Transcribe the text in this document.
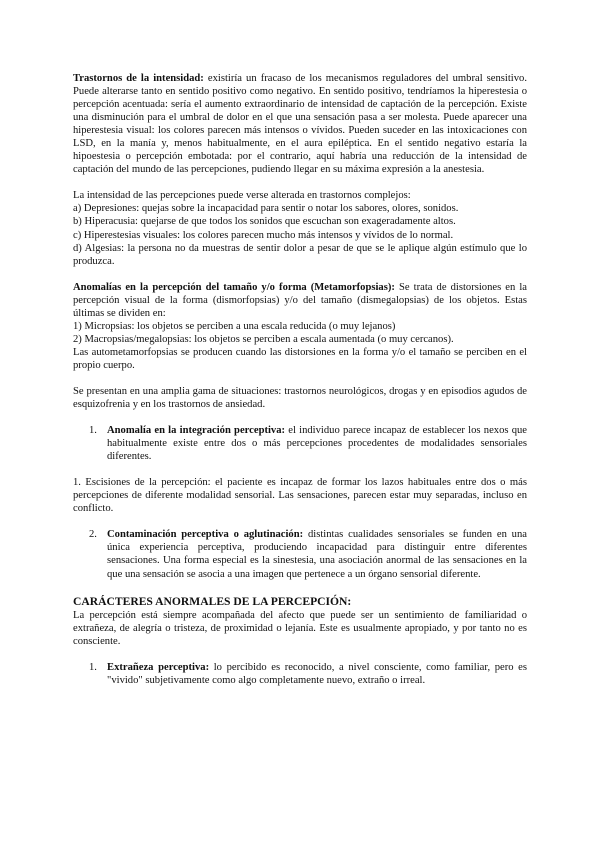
Trastornos de la intensidad: existiría un fracaso de los mecanismos reguladores del umbral sensitivo. Puede alterarse tanto en sentido positivo como negativo. En sentido positivo, tendríamos la hiperestesia o percepción acentuada: sería el aumento extraordinario de intensidad de captación de la percepción. Existe una disminución para el umbral de dolor en el que una sensación pasa a ser molesta. Puede aparecer una hiperestesia visual: los colores parecen más intensos o vívidos. Pueden suceder en las intoxicaciones con LSD, en la manía y, menos habitualmente, en el aura epiléptica. En el sentido negativo estaría la hipoestesia o percepción embotada: por el contrario, aquí habría una reducción de la intensidad de captación del mundo de las percepciones, pudiendo llegar en su máxima expresión a la anestesia.

La intensidad de las percepciones puede verse alterada en trastornos complejos:

a) Depresiones: quejas sobre la incapacidad para sentir o notar los sabores, olores, sonidos.

b) Hiperacusia: quejarse de que todos los sonidos que escuchan son exageradamente altos.

c) Hiperestesias visuales: los colores parecen mucho más intensos y vívidos de lo normal.

d) Algesias: la persona no da muestras de sentir dolor a pesar de que se le aplique algún estímulo que lo produzca.

Anomalías en la percepción del tamaño y/o forma (Metamorfopsias): Se trata de distorsiones en la percepción visual de la forma (dismorfopsias) y/o del tamaño (dismegalopsias) de los objetos. Estas últimas se dividen en:

1) Micropsias: los objetos se perciben a una escala reducida (o muy lejanos)

2) Macropsias/megalopsias: los objetos se perciben a escala aumentada (o muy cercanos).

Las autometamorfopsias se producen cuando las distorsiones en la forma y/o el tamaño se perciben en el propio cuerpo.

Se presentan en una amplia gama de situaciones: trastornos neurológicos, drogas y en episodios agudos de esquizofrenia y en los trastornos de ansiedad.

1. Anomalía en la integración perceptiva: el individuo parece incapaz de establecer los nexos que habitualmente existe entre dos o más percepciones procedentes de modalidades sensoriales diferentes.

1. Escisiones de la percepción: el paciente es incapaz de formar los lazos habituales entre dos o más percepciones de diferente modalidad sensorial. Las sensaciones, parecen estar muy separadas, incluso en conflicto.

2. Contaminación perceptiva o aglutinación: distintas cualidades sensoriales se funden en una única experiencia perceptiva, produciendo incapacidad para distinguir entre diferentes sensaciones. Una forma especial es la sinestesia, una asociación anormal de las sensaciones en la que una sensación se asocia a una imagen que pertenece a un órgano sensorial diferente.
CARÁCTERES ANORMALES DE LA PERCEPCIÓN:

La percepción está siempre acompañada del afecto que puede ser un sentimiento de familiaridad o extrañeza, de alegría o tristeza, de proximidad o lejanía. Este es usualmente apropiado, y por tanto no es consciente.

1. Extrañeza perceptiva: lo percibido es reconocido, a nivel consciente, como familiar, pero es "vivido" subjetivamente como algo completamente nuevo, extraño o irreal.
